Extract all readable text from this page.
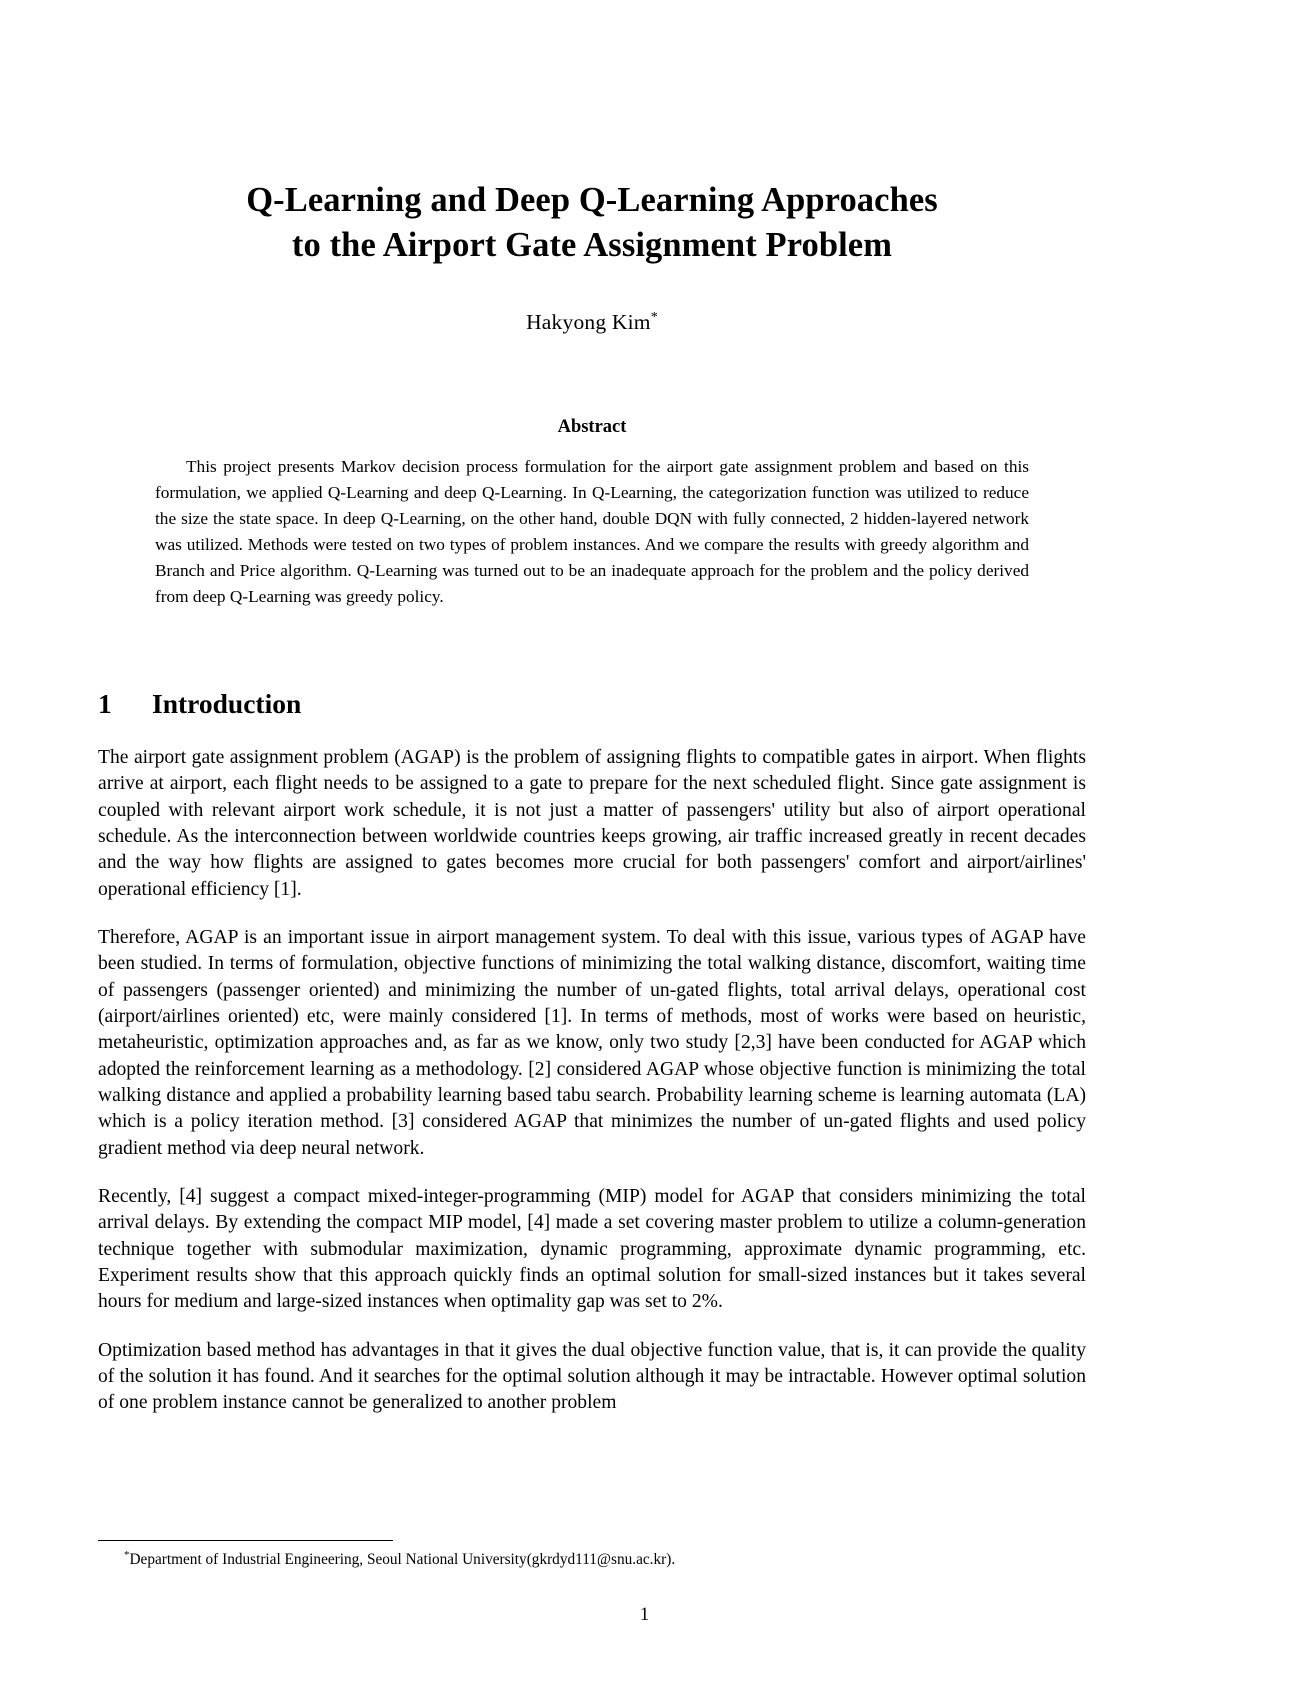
Q-Learning and Deep Q-Learning Approaches
to the Airport Gate Assignment Problem
Hakyong Kim*
Abstract
This project presents Markov decision process formulation for the airport gate assignment problem and based on this formulation, we applied Q-Learning and deep Q-Learning. In Q-Learning, the categorization function was utilized to reduce the size the state space. In deep Q-Learning, on the other hand, double DQN with fully connected, 2 hidden-layered network was utilized. Methods were tested on two types of problem instances. And we compare the results with greedy algorithm and Branch and Price algorithm. Q-Learning was turned out to be an inadequate approach for the problem and the policy derived from deep Q-Learning was greedy policy.
1	Introduction

The airport gate assignment problem (AGAP) is the problem of assigning flights to compatible gates in airport. When flights arrive at airport, each flight needs to be assigned to a gate to prepare for the next scheduled flight. Since gate assignment is coupled with relevant airport work schedule, it is not just a matter of passengers' utility but also of airport operational schedule. As the interconnection between worldwide countries keeps growing, air traffic increased greatly in recent decades and the way how flights are assigned to gates becomes more crucial for both passengers' comfort and airport/airlines' operational efficiency [1].

Therefore, AGAP is an important issue in airport management system. To deal with this issue, various types of AGAP have been studied. In terms of formulation, objective functions of minimizing the total walking distance, discomfort, waiting time of passengers (passenger oriented) and minimizing the number of un-gated flights, total arrival delays, operational cost (airport/airlines oriented) etc, were mainly considered [1]. In terms of methods, most of works were based on heuristic, metaheuristic, optimization approaches and, as far as we know, only two study [2,3] have been conducted for AGAP which adopted the reinforcement learning as a methodology. [2] considered AGAP whose objective function is minimizing the total walking distance and applied a probability learning based tabu search. Probability learning scheme is learning automata (LA) which is a policy iteration method. [3] considered AGAP that minimizes the number of un-gated flights and used policy gradient method via deep neural network.

Recently, [4] suggest a compact mixed-integer-programming (MIP) model for AGAP that considers minimizing the total arrival delays. By extending the compact MIP model, [4] made a set covering master problem to utilize a column-generation technique together with submodular maximization, dynamic programming, approximate dynamic programming, etc. Experiment results show that this approach quickly finds an optimal solution for small-sized instances but it takes several hours for medium and large-sized instances when optimality gap was set to 2%.

Optimization based method has advantages in that it gives the dual objective function value, that is, it can provide the quality of the solution it has found. And it searches for the optimal solution although it may be intractable. However optimal solution of one problem instance cannot be generalized to another problem

*Department of Industrial Engineering, Seoul National University(gkrdyd111@snu.ac.kr).
1
